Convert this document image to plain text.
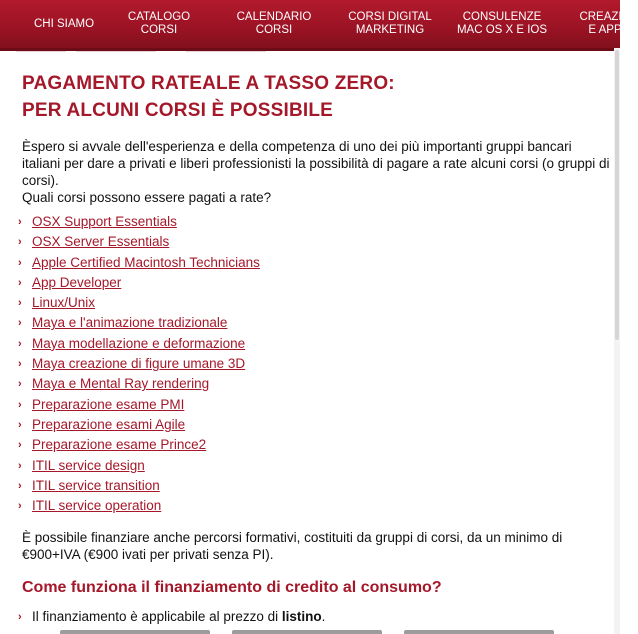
CHI SIAMO
CATALOGO CORSI
CALENDARIO CORSI
CORSI DIGITAL
MARKETING
CONSULENZE
MAC OS X E IOS
CREAZIO
E APP
PAGAMENTO RATEALE A TASSO ZERO:
PER ALCUNI CORSI È POSSIBILE

Èspero si avvale dell'esperienza e della competenza di uno dei più importanti gruppi bancari italiani per dare a privati e liberi professionisti la possibilità di pagare a rate alcuni corsi (o gruppi di corsi).

Quali corsi possono essere pagati a rate?

› OSX Support Essentials
› OSX Server Essentials
› Apple Certified Macintosh Technicians
› App Developer
› Linux/Unix
› Maya e l'animazione tradizionale
› Maya modellazione e deformazione
› Maya creazione di figure umane 3D
› Maya e Mental Ray rendering
› Preparazione esame PMI
› Preparazione esami Agile
› Preparazione esame Prince2
› ITIL service design
› ITIL service transition
› ITIL service operation

È possibile finanziare anche percorsi formativi, costituiti da gruppi di corsi, da un minimo di €900+IVA (€900 ivati per privati senza PI).

Come funziona il finanziamento di credito al consumo?
› Il finanziamento è applicabile al prezzo di listino.
